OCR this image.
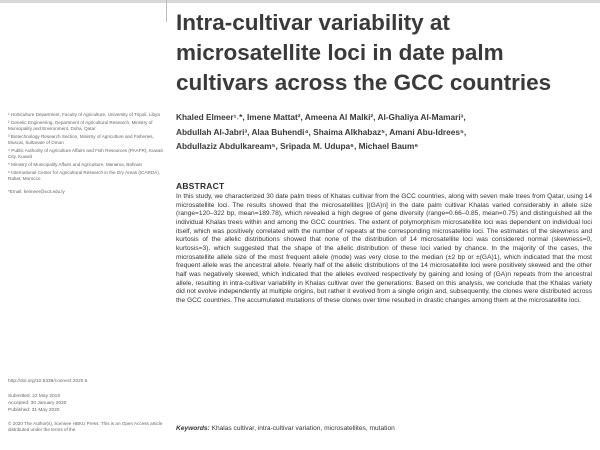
¹ Horticulture Department, Faculty of Agriculture, University of Tripoli, Libya
² Genetic Engineering, Department of Agricultural Research, Ministry of Municipality and Environment, Doha, Qatar
³ Biotechnology Research Section, Ministry of Agriculture and Fisheries, Muscat, Sultanate of Oman
⁴ Public Authority of Agriculture Affairs and Fish Resources (PAAFR), Kuwait City, Kuwait
⁵ Ministry of Municipality Affairs and Agriculture, Manama, Bahrain
⁶ International Center for Agricultural Research in the Dry Areas (ICARDA), Rabat, Morocco
*Email: kelmeer@uot.edu.ly
http://doi.org/10.5339/connect.2020.5
Submitted: 22 May 2019
Accepted: 30 January 2020
Published: 31 May 2020
© 2020 The Author(s), licensee HBKU Press. This is an Open Access article distributed under the terms of the
Intra-cultivar variability at
microsatellite loci in date palm
cultivars across the GCC countries
Khaled Elmeer¹˒*, Imene Mattat², Ameena Al Malki², Al-Ghaliya Al-Mamari³,
Abdullah Al-Jabri³, Alaa Buhendi⁴, Shaima Alkhabaz⁵, Amani Abu-Idrees⁵,
Abdullaziz Abdulkaream⁵, Sripada M. Udupa⁶, Michael Baum⁶
ABSTRACT

In this study, we characterized 30 date palm trees of Khalas cultivar from the GCC countries, along with seven male trees from Qatar, using 14 microsatellite loci. The results showed that the microsatellites [(GA)n] in the date palm cultivar Khalas varied considerably in allele size (range=120–322 bp, mean=189.78), which revealed a high degree of gene diversity (range=0.66–0.85, mean=0.75) and distinguished all the individual Khalas trees within and among the GCC countries. The extent of polymorphism microsatellite loci was dependent on individual loci itself, which was positively correlated with the number of repeats at the corresponding microsatellite loci. The estimates of the skewness and kurtosis of the allelic distributions showed that none of the distribution of 14 microsatellite loci was considered normal (skewness=0, kurtosis=3), which suggested that the shape of the allelic distribution of these loci varied by chance. In the majority of the cases, the microsatellite allele size of the most frequent allele (mode) was very close to the median (±2 bp or ±(GA)1), which indicated that the most frequent allele was the ancestral allele. Nearly half of the allelic distributions of the 14 microsatellite loci were positively skewed and the other half was negatively skewed, which indicated that the alleles evolved respectively by gaining and losing of (GA)n repeats from the ancestral allele, resulting in intra-cultivar variability in Khalas cultivar over the generations. Based on this analysis, we conclude that the Khalas variety did not evolve independently at multiple origins, but rather it evolved from a single origin and, subsequently, the clones were distributed across the GCC countries. The accumulated mutations of these clones over time resulted in drastic changes among them at the microsatellite loci.

Keywords: Khalas cultivar, intra-cultivar variation, microsatellites, mutation
